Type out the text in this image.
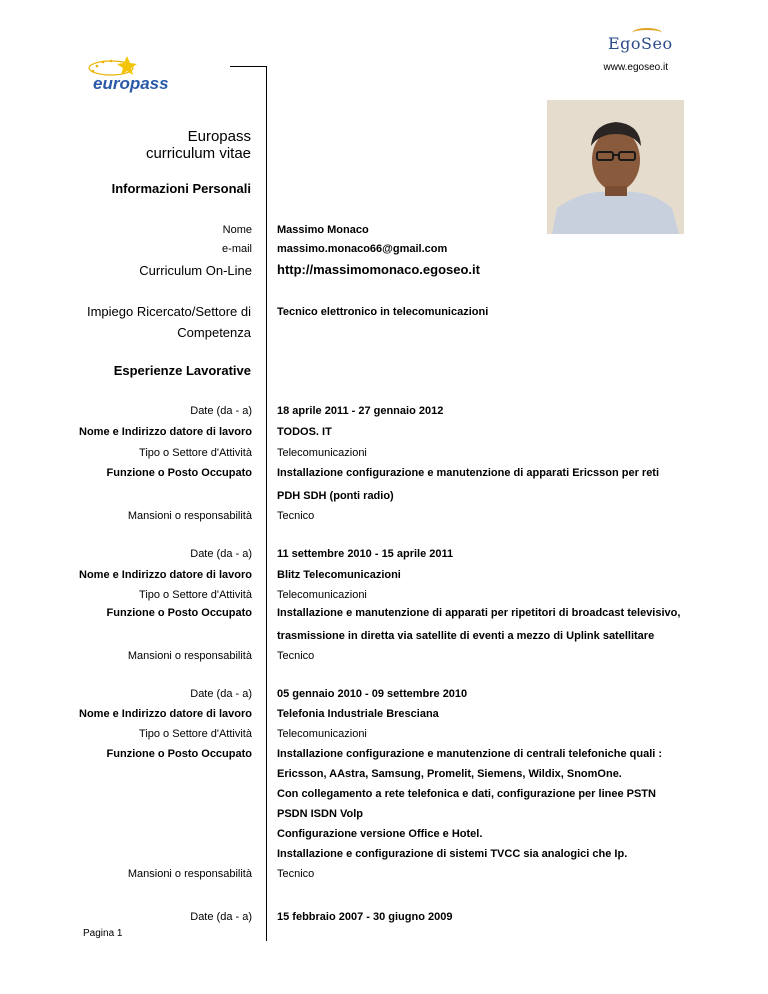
EgoSeo
www.egoseo.it
europass
Europass
curriculum vitae
Informazioni Personali
Nome Massimo Monaco
e-mail massimo.monaco66@gmail.com
Curriculum On-Line http://massimomonaco.egoseo.it
Impiego Ricercato/Settore di
Competenza
Tecnico elettronico in telecomunicazioni
Esperienze Lavorative
Date (da - a) 18 aprile 2011 - 27 gennaio 2012
Nome e Indirizzo datore di lavoro TODOS. IT
Tipo o Settore d'Attività Telecomunicazioni
Funzione o Posto Occupato Installazione configurazione e manutenzione di apparati Ericsson per reti
PDH SDH (ponti radio)
Mansioni o responsabilità Tecnico
Date (da - a) 11 settembre 2010 - 15 aprile 2011
Nome e Indirizzo datore di lavoro Blitz Telecomunicazioni
Tipo o Settore d'Attività Telecomunicazioni
Funzione o Posto Occupato Installazione e manutenzione di apparati per ripetitori di broadcast televisivo,
trasmissione in diretta via satellite di eventi a mezzo di Uplink satellitare
Mansioni o responsabilità Tecnico
Date (da - a) 05 gennaio 2010 - 09 settembre 2010
Nome e Indirizzo datore di lavoro Telefonia Industriale Bresciana
Tipo o Settore d'Attività Telecomunicazioni
Funzione o Posto Occupato Installazione configurazione e manutenzione di centrali telefoniche quali :
Ericsson, AAstra, Samsung, Promelit, Siemens, Wildix, SnomOne.
Con collegamento a rete telefonica e dati, configurazione per linee PSTN
PSDN ISDN Volp
Configurazione versione Office e Hotel.
Installazione e configurazione di sistemi TVCC sia analogici che Ip.
Mansioni o responsabilità Tecnico
Date (da - a) 15 febbraio 2007 - 30 giugno 2009
Pagina 1
